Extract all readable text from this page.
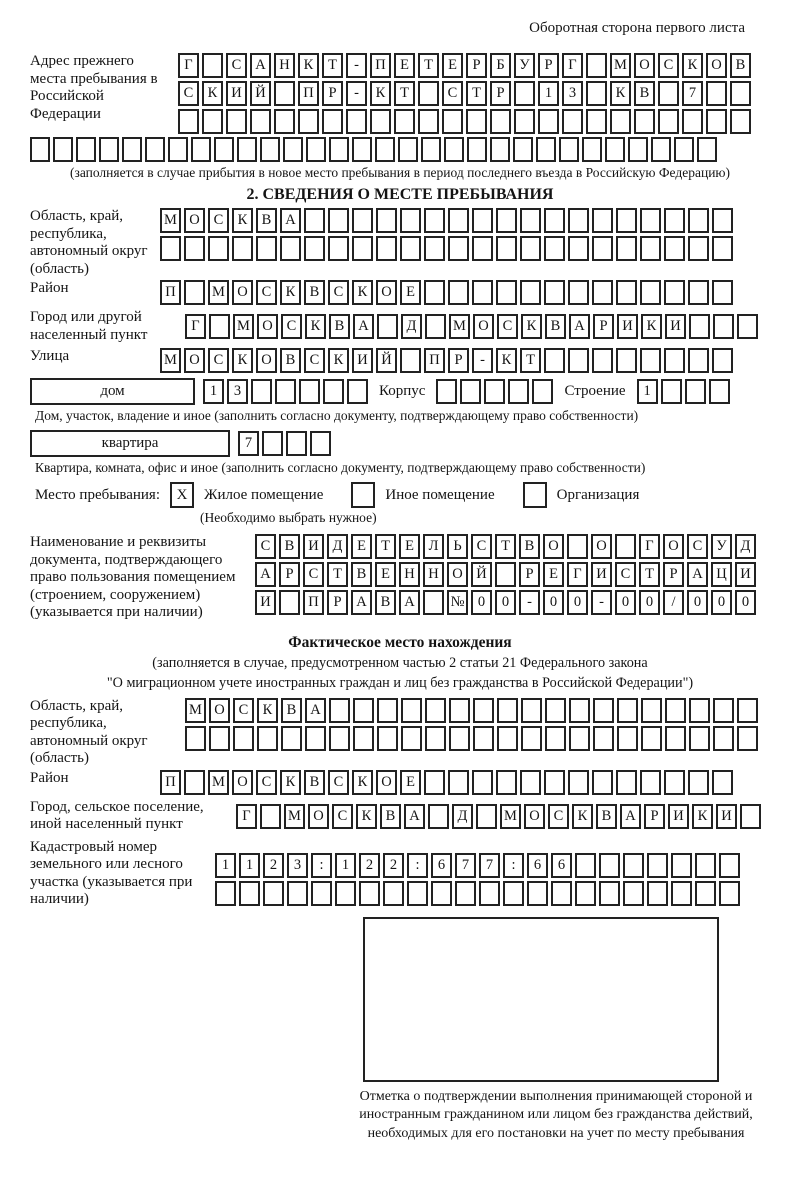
Оборотная сторона первого листа
Адрес прежнего места пребывания в Российской Федерации
Г	С А Н К	Т	-	П Е	Т	Е	Р	Б	У	Р	Г	М О С К О В
С К И Й	П	Р	-	К	Т	С	Т	Р	1	3	К В	7
(заполняется в случае прибытия в новое место пребывания в период последнего въезда в Российскую Федерацию)
2. СВЕДЕНИЯ О МЕСТЕ ПРЕБЫВАНИЯ
Область, край, республика, автономный округ (область)
М О С К В А
Район	П	М О С К В С К О Е
Город или другой населенный пункт
Г	М О С К В А	Д	М О С К В А	Р	И К И
Улица	М О С К О В С К И Й	П	Р	-	К	Т
дом	1	3	Корпус	Строение	1
Дом, участок, владение и иное (заполнить согласно документу, подтверждающему право собственности)
квартира	7
Квартира, комната, офис и иное (заполнить согласно документу, подтверждающему право собственности)
Место пребывания: X Жилое помещение	Иное помещение	Организация
(Необходимо выбрать нужное)
Наименование и реквизиты документа, подтверждающего право пользования помещением (строением, сооружением) (указывается при наличии)
С В И Д	Е	Т	Е	Л	Ь	С	Т	В О	О	Г	О С У Д
А	Р	С	Т	В	Е Н Н О Й	Р	Е	Г	И С	Т	Р	А Ц И
И	П	Р	А В А	№ 0	0	-	0	0	-	0	0	/	0	0	0
Фактическое место нахождения
(заполняется в случае, предусмотренном частью 2 статьи 21 Федерального закона
"О миграционном учете иностранных граждан и лиц без гражданства в Российской Федерации")
Область, край, республика, автономный округ (область)
М О С К В А
Район	П	М О С К В С К О Е
Город, сельское поселение, иной населенный пункт
Г	М О С К В А	Д	М О С К В А	Р	И К И
Кадастровый номер земельного или лесного участка (указывается при наличии)
1	1	2	3	:	1	2	2	:	6	7	7	:	6	6
Отметка о подтверждении выполнения принимающей стороной и иностранным гражданином или лицом без гражданства действий, необходимых для его постановки на учет по месту пребывания
